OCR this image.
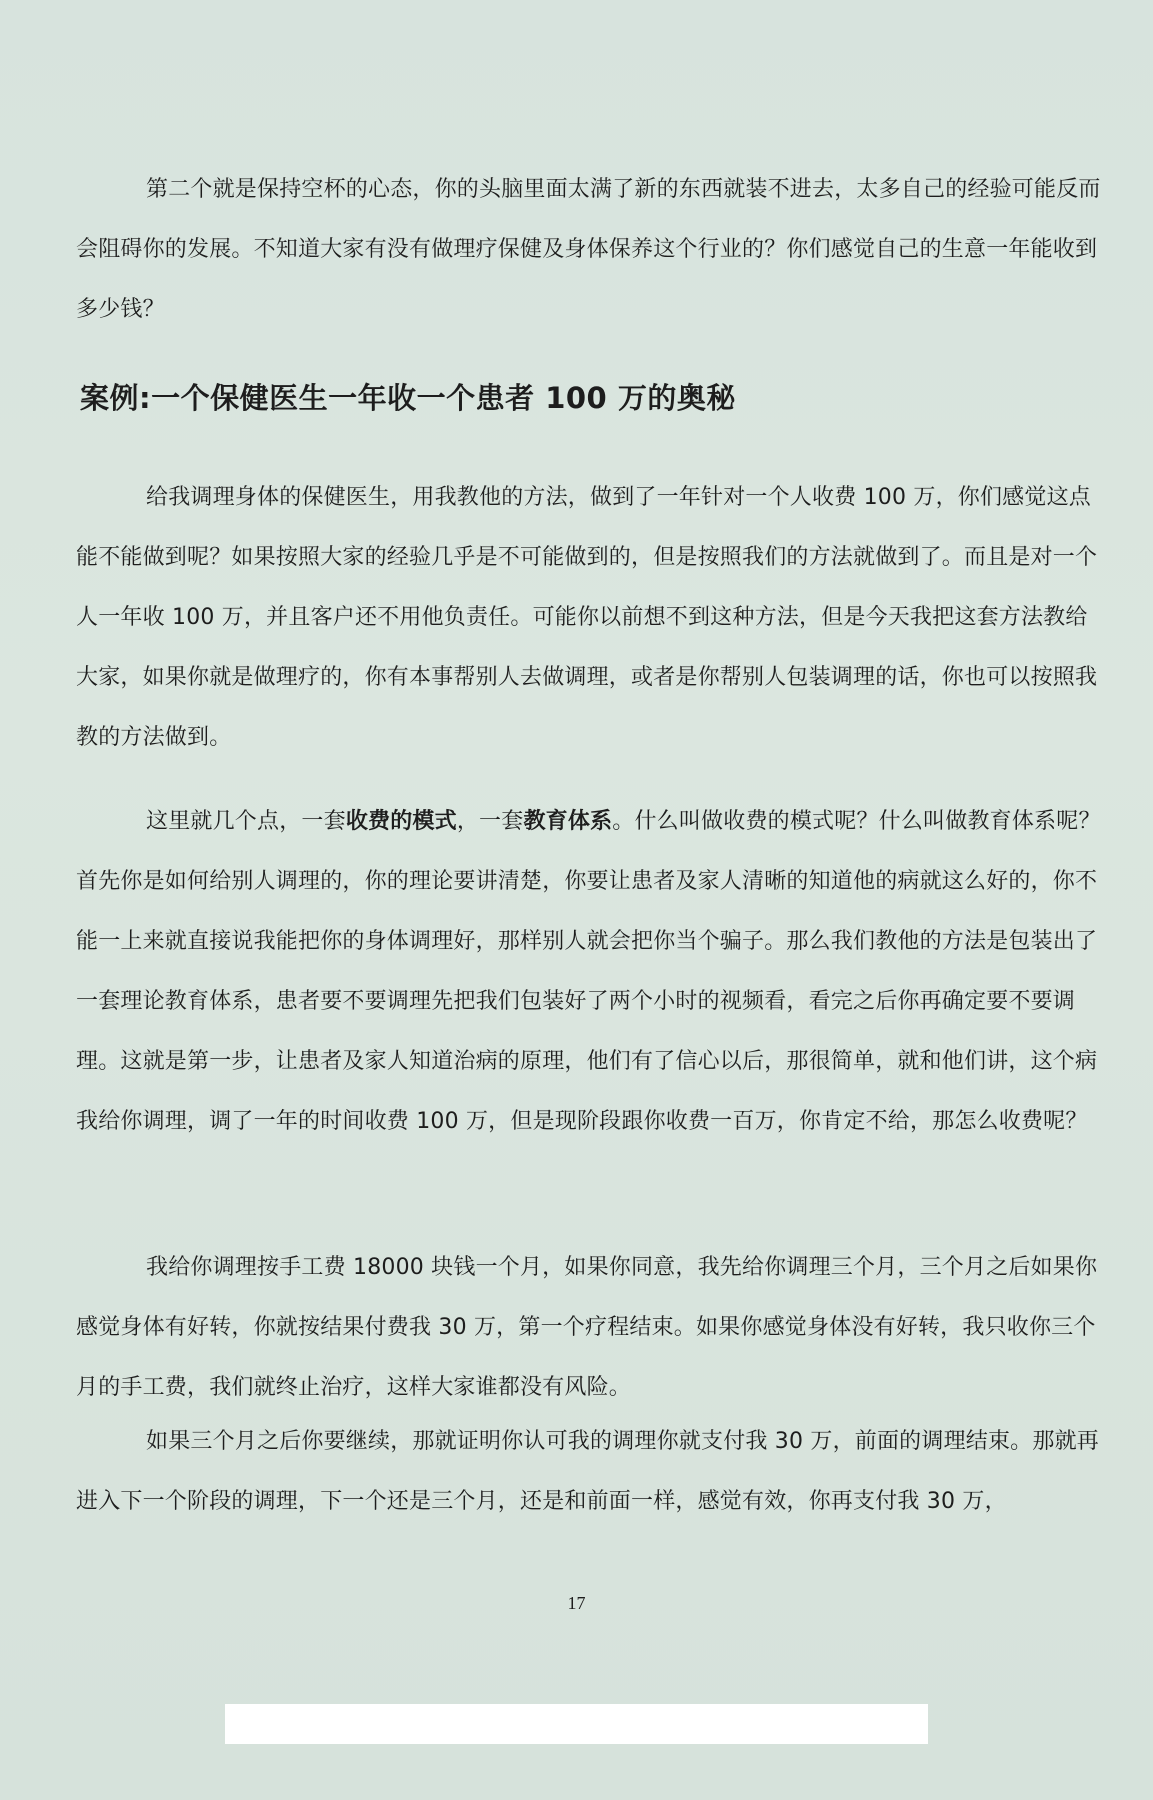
第二个就是保持空杯的心态，你的头脑里面太满了新的东西就装不进去，太多自己的经验可能反而会阻碍你的发展。不知道大家有没有做理疗保健及身体保养这个行业的？你们感觉自己的生意一年能收到多少钱？
案例:一个保健医生一年收一个患者 100 万的奥秘
给我调理身体的保健医生，用我教他的方法，做到了一年针对一个人收费 100 万，你们感觉这点能不能做到呢？如果按照大家的经验几乎是不可能做到的，但是按照我们的方法就做到了。而且是对一个人一年收 100 万，并且客户还不用他负责任。可能你以前想不到这种方法，但是今天我把这套方法教给大家，如果你就是做理疗的，你有本事帮别人去做调理，或者是你帮别人包装调理的话，你也可以按照我教的方法做到。
这里就几个点，一套收费的模式，一套教育体系。什么叫做收费的模式呢？什么叫做教育体系呢？首先你是如何给别人调理的，你的理论要讲清楚，你要让患者及家人清晰的知道他的病就这么好的，你不能一上来就直接说我能把你的身体调理好，那样别人就会把你当个骗子。那么我们教他的方法是包装出了一套理论教育体系，患者要不要调理先把我们包装好了两个小时的视频看，看完之后你再确定要不要调理。这就是第一步，让患者及家人知道治病的原理，他们有了信心以后，那很简单，就和他们讲，这个病我给你调理，调了一年的时间收费 100 万，但是现阶段跟你收费一百万，你肯定不给，那怎么收费呢？
我给你调理按手工费 18000 块钱一个月，如果你同意，我先给你调理三个月，三个月之后如果你感觉身体有好转，你就按结果付费我 30 万，第一个疗程结束。如果你感觉身体没有好转，我只收你三个月的手工费，我们就终止治疗，这样大家谁都没有风险。
如果三个月之后你要继续，那就证明你认可我的调理你就支付我 30 万，前面的调理结束。那就再进入下一个阶段的调理，下一个还是三个月，还是和前面一样，感觉有效，你再支付我 30 万，
17
